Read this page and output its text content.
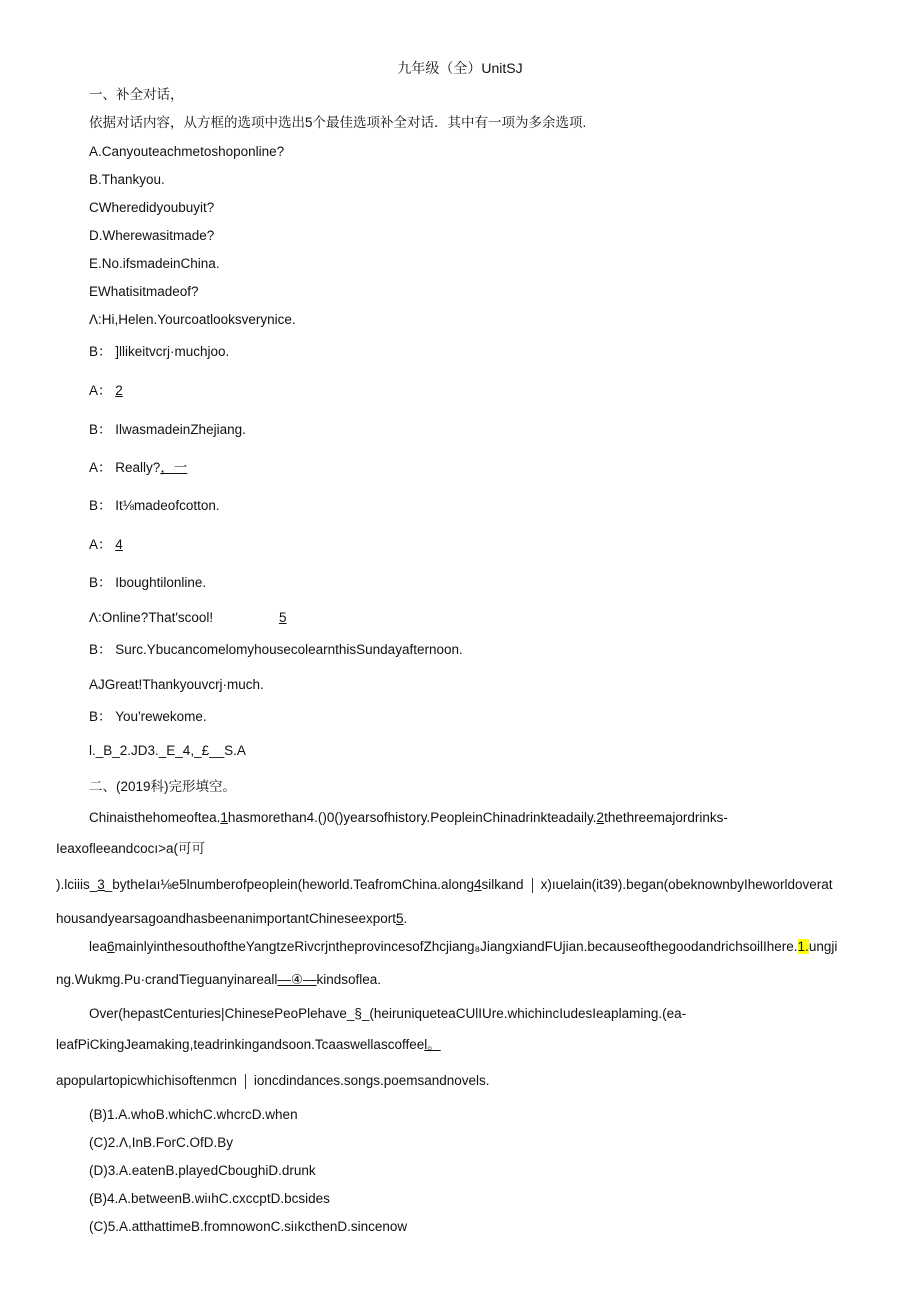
九年级（全）UnitSJ
一、补全对话，
依据对话内容，从方框的选项中选出5个最佳选项补全对话．其中有一项为多余选项.
A.Canyouteachmetoshoponline?
B.Thankyou.
CWheredidyoubuyit?
D.Wherewasitmade?
E.No.ifsmadeinChina.
EWhatisitmadeof?
Λ:Hi,Helen.Yourcoatlooksverynice.
B： ]llikeitvcrj·muchjoo.
A： 2
B： IlwasmadeinZhejiang.
A： Really?，一
B： It⅛madeofcotton.
A： 4
B： Iboughtilonline.
Λ:Online?That'scool!	5
B： Surc.YbucancomelomyhousecolearnthisSundayafternoon.
AJGreat!Thankyouvcrj·much.
B： You'rewekome.
l._B_2.JD3._E_4,_£__S.A
二、(2019科)完形填空。
Chinaisthehomeoftea.1hasmorethan4.()0()yearsofhistory.PeopleinChinadrinkteadaily.2thethreemajordrinks-
Ieaxofleeandcocı>a(可可
).lciiis_3_bytheIaı⅛e5lnumberofpeoplein(heworld.TeafromChina.along4silkand x)ıuelain(it39).began(obeknownbyIheworldoverat
housandyearsagoandhasbeenanimportantChineseexport5.
lea6mainlyinthesouthoftheYangtzeRivcrjntheprovincesofZhcjiang₈JiangxiandFUjian.becauseofthegoodandrichsoilIhere.1.ungji
ng.Wukmg.Pu·crandTieguanyinareall—④—kindsoflea.
Over(hepastCenturies|ChinesePeoPlehave_§_(heiruniqueteaCUlIUre.whichincIudesIeaplaming.(ea-
leafPiCkingJeamaking,teadrinkingandsoon.Tcaaswellascoffeel。
apopulartopicwhichisoftenmcn ioncdindances.songs.poemsandnovels.
(B)1.A.whoB.whichC.whcrcD.when
(C)2.Λ,InB.ForC.OfD.By
(D)3.A.eatenB.playedCboughiD.drunk
(B)4.A.betweenB.wiıhC.cxccptD.bcsides
(C)5.A.atthattimeB.fromnowonC.siıkcthenD.sincenow
